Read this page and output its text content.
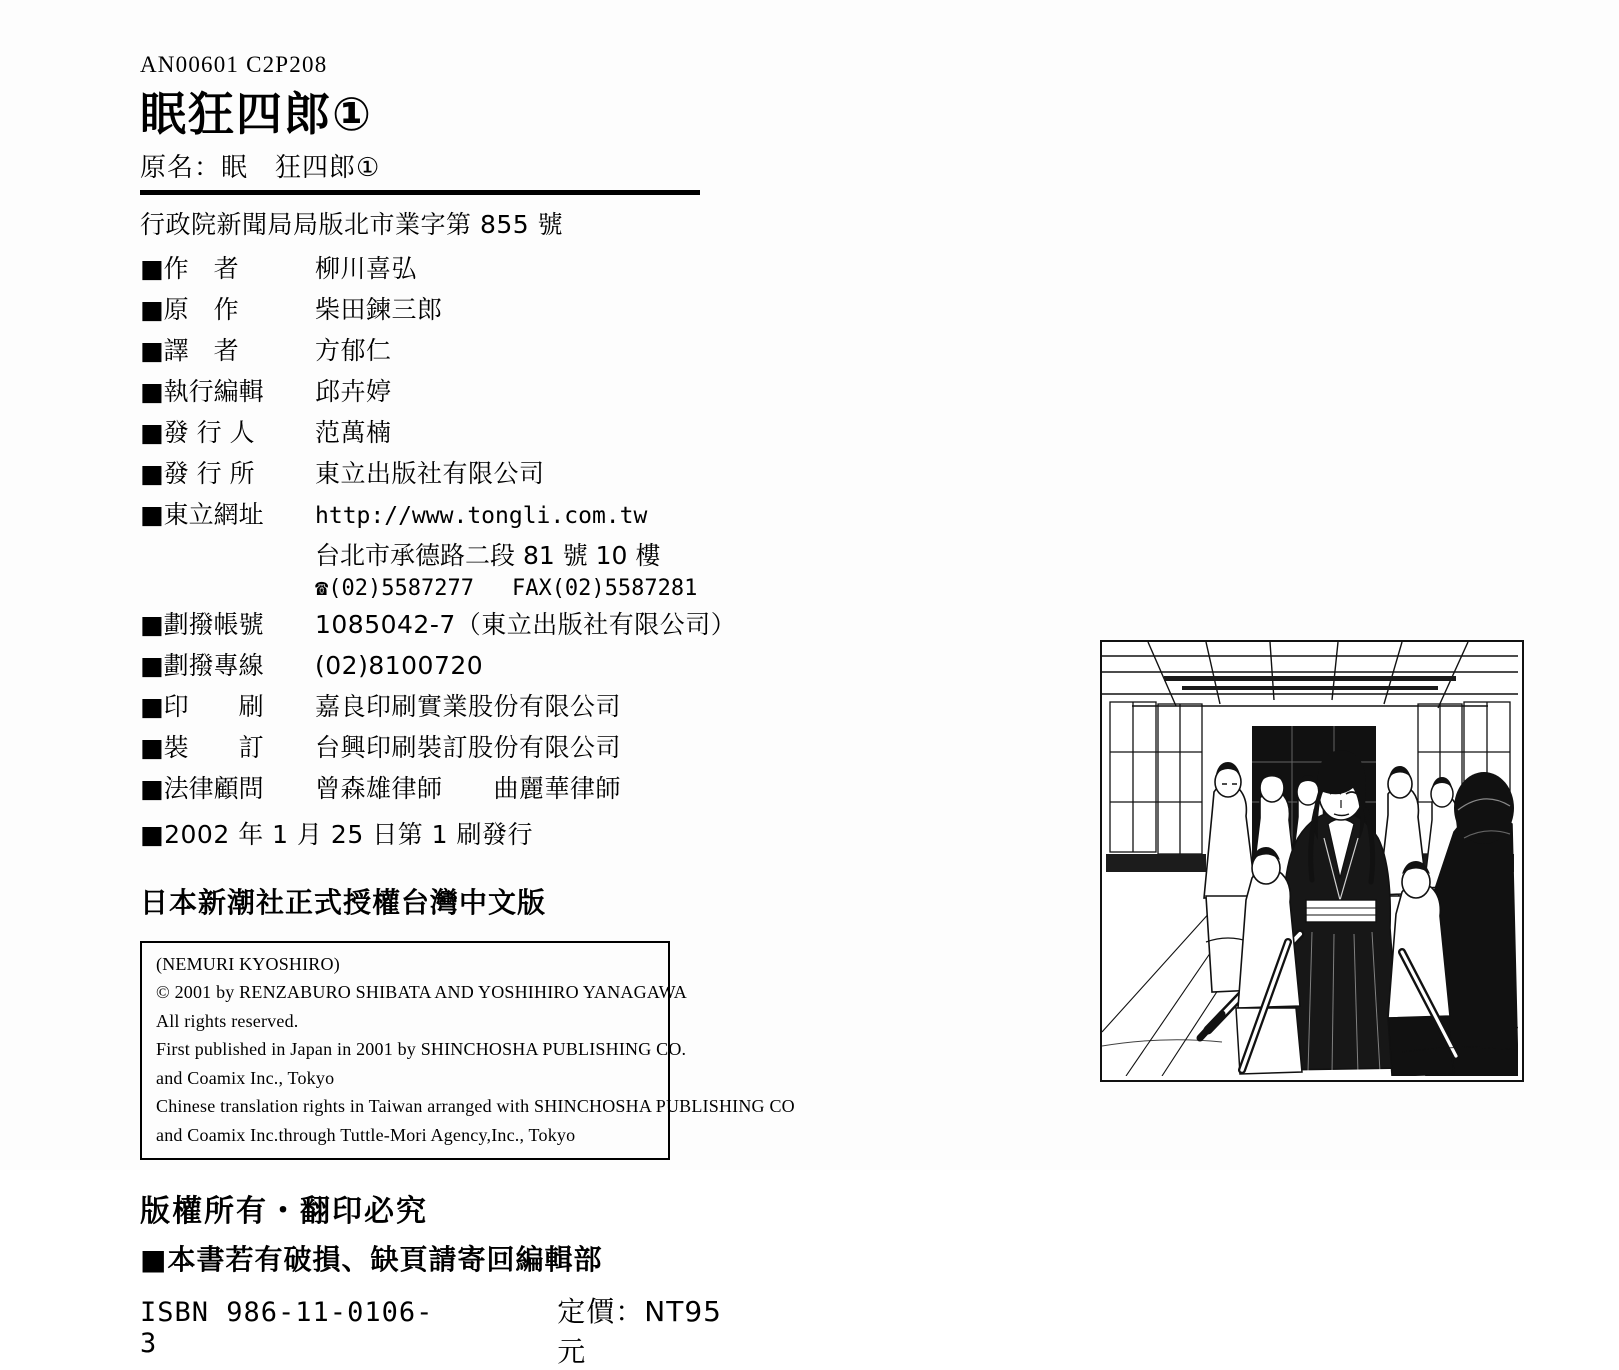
AN00601 C2P208
眠狂四郎①
原名：眠　狂四郎①
行政院新聞局局版北市業字第 855 號
■作　者	柳川喜弘
■原　作	柴田鍊三郎
■譯　者	方郁仁
■執行編輯	邱卉婷
■發 行 人	范萬楠
■發 行 所	東立出版社有限公司
■東立網址	http://www.tongli.com.tw
台北市承德路二段 81 號 10 樓
☎(02)5587277 FAX(02)5587281
■劃撥帳號	1085042-7（東立出版社有限公司）
■劃撥專線	(02)8100720
■印　　刷	嘉良印刷實業股份有限公司
■裝　　訂	台興印刷裝訂股份有限公司
■法律顧問	曾森雄律師　　曲麗華律師
■2002 年 1 月 25 日第 1 刷發行
日本新潮社正式授權台灣中文版

(NEMURI KYOSHIRO)

© 2001 by RENZABURO SHIBATA AND YOSHIHIRO YANAGAWA

All rights reserved.

First published in Japan in 2001 by SHINCHOSHA PUBLISHING CO.

and Coamix Inc., Tokyo

Chinese translation rights in Taiwan arranged with SHINCHOSHA PUBLISHING CO

and Coamix Inc.through Tuttle-Mori Agency,Inc., Tokyo

版權所有・翻印必究
■本書若有破損、缺頁請寄回編輯部
ISBN 986-11-0106-3
定價：NT95 元
